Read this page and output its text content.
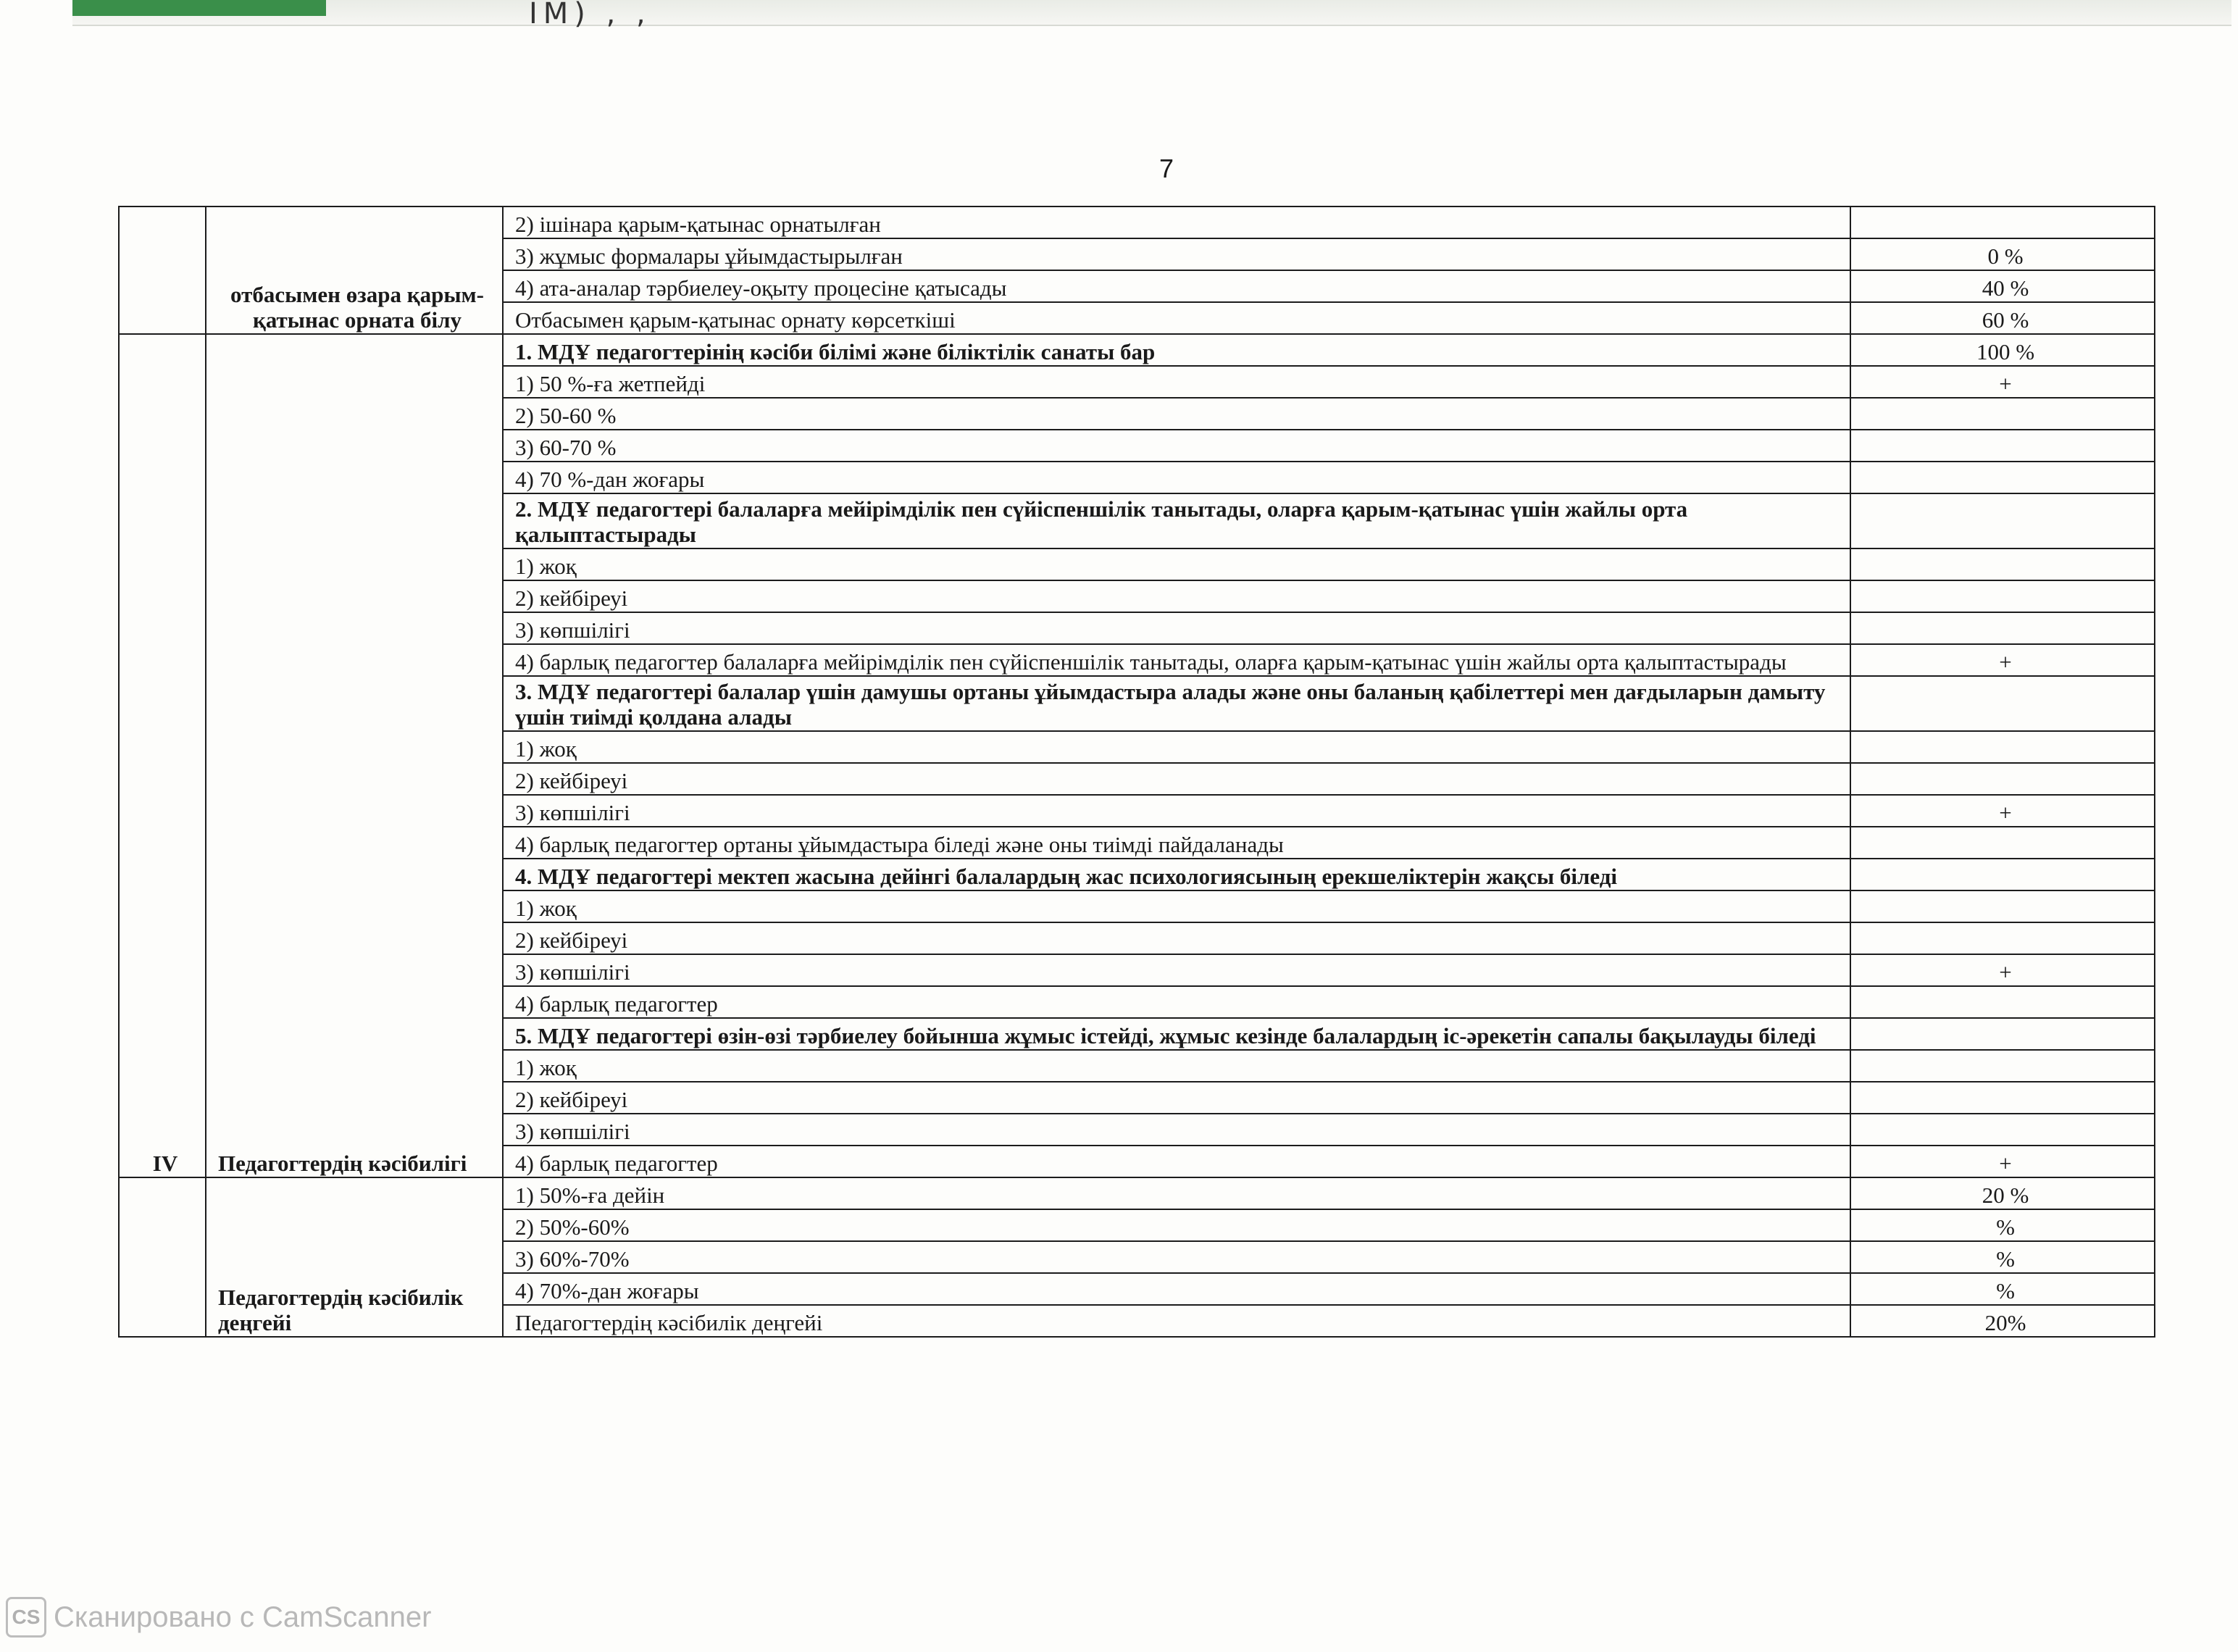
ІМ) , ,
7
	отбасымен өзара қарым-қатынас орната білу	2) ішінара қарым-қатынас орнатылған	
		3) жұмыс формалары ұйымдастырылған	0 %
		4) ата-аналар тәрбиелеу-оқыту процесіне қатысады	40 %
		Отбасымен қарым-қатынас орнату көрсеткіші	60 %
IV	Педагогтердің кәсібилігі	1. МДҰ педагогтерінің кәсіби білімі және біліктілік санаты бар	100 %
		1) 50 %-ға жетпейді	+
		2) 50-60 %	
		3) 60-70 %	
		4) 70 %-дан жоғары	
		2. МДҰ педагогтері балаларға мейірімділік пен сүйіспеншілік танытады, оларға қарым-қатынас үшін жайлы орта қалыптастырады	
		1) жоқ	
		2) кейбіреуі	
		3) көпшілігі	
		4) барлық педагогтер балаларға мейірімділік пен сүйіспеншілік танытады, оларға қарым-қатынас үшін жайлы орта қалыптастырады	+
		3. МДҰ педагогтері балалар үшін дамушы ортаны ұйымдастыра алады және оны баланың қабілеттері мен дағдыларын дамыту үшін тиімді қолдана алады	
		1) жоқ	
		2) кейбіреуі	
		3) көпшілігі	+
		4) барлық педагогтер ортаны ұйымдастыра біледі және оны тиімді пайдаланады	
		4. МДҰ педагогтері мектеп жасына дейінгі балалардың жас психологиясының ерекшеліктерін жақсы біледі	
		1) жоқ	
		2) кейбіреуі	
		3) көпшілігі	+
		4) барлық педагогтер	
		5. МДҰ педагогтері өзін-өзі тәрбиелеу бойынша жұмыс істейді, жұмыс кезінде балалардың іс-әрекетін сапалы бақылауды біледі	
		1) жоқ	
		2) кейбіреуі	
		3) көпшілігі	
		4) барлық педагогтер	+
	Педагогтердің кәсібилік деңгейі	1) 50%-ға дейін	20 %
		2) 50%-60%	%
		3) 60%-70%	%
		4) 70%-дан жоғары	%
		Педагогтердің кәсібилік деңгейі	20%
CS Сканировано с CamScanner
